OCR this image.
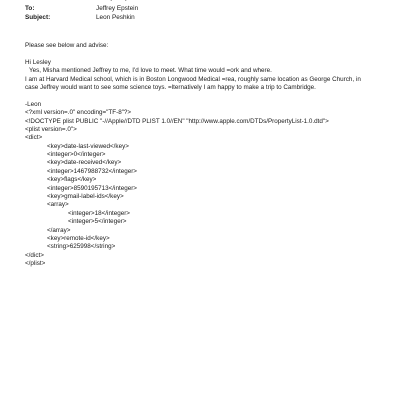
To:	Jeffrey Epstein
Subject:	Leon Peshkin
Please see below and advise:
Hi Lesley
Yes, Misha mentioned Jeffrey to me, I'd love to meet. What time would =ork and where.
I am at Harvard Medical school, which is in Boston Longwood Medical =rea, roughly same location as George Church, in
case Jeffrey would want to see some science toys. =lternatively I am happy to make a trip to Cambridge.
-Leon
<?xml version=.0" encoding="TF-8"?>
<!DOCTYPE plist PUBLIC "-//Apple//DTD PLIST 1.0//EN" "http://www.apple.com/DTDs/PropertyList-1.0.dtd">
<plist version=.0">
<dict>
<key>date-last-viewed</key>
<integer>0</integer>
<key>date-received</key>
<integer>1467988732</integer>
<key>flags</key>
<integer>8590195713</integer>
<key>gmail-label-ids</key>
<array>
<integer>18</integer>
<integer>5</integer>
</array>
<key>remote-id</key>
<string>625998</string>
</dict>
</plist>
